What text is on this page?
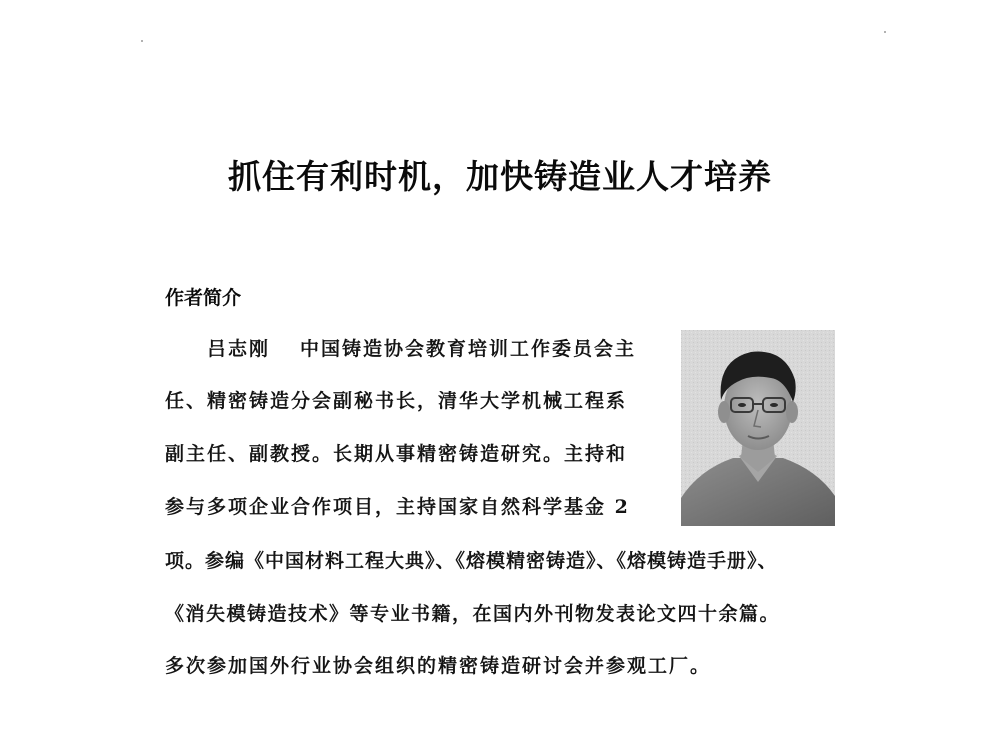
抓住有利时机，加快铸造业人才培养
作者简介
吕志刚 中国铸造协会教育培训工作委员会主
任、精密铸造分会副秘书长，清华大学机械工程系
副主任、副教授。长期从事精密铸造研究。主持和
参与多项企业合作项目，主持国家自然科学基金 2
项。参编《中国材料工程大典》、《熔模精密铸造》、《熔模铸造手册》、
《消失模铸造技术》等专业书籍，在国内外刊物发表论文四十余篇。
多次参加国外行业协会组织的精密铸造研讨会并参观工厂。
